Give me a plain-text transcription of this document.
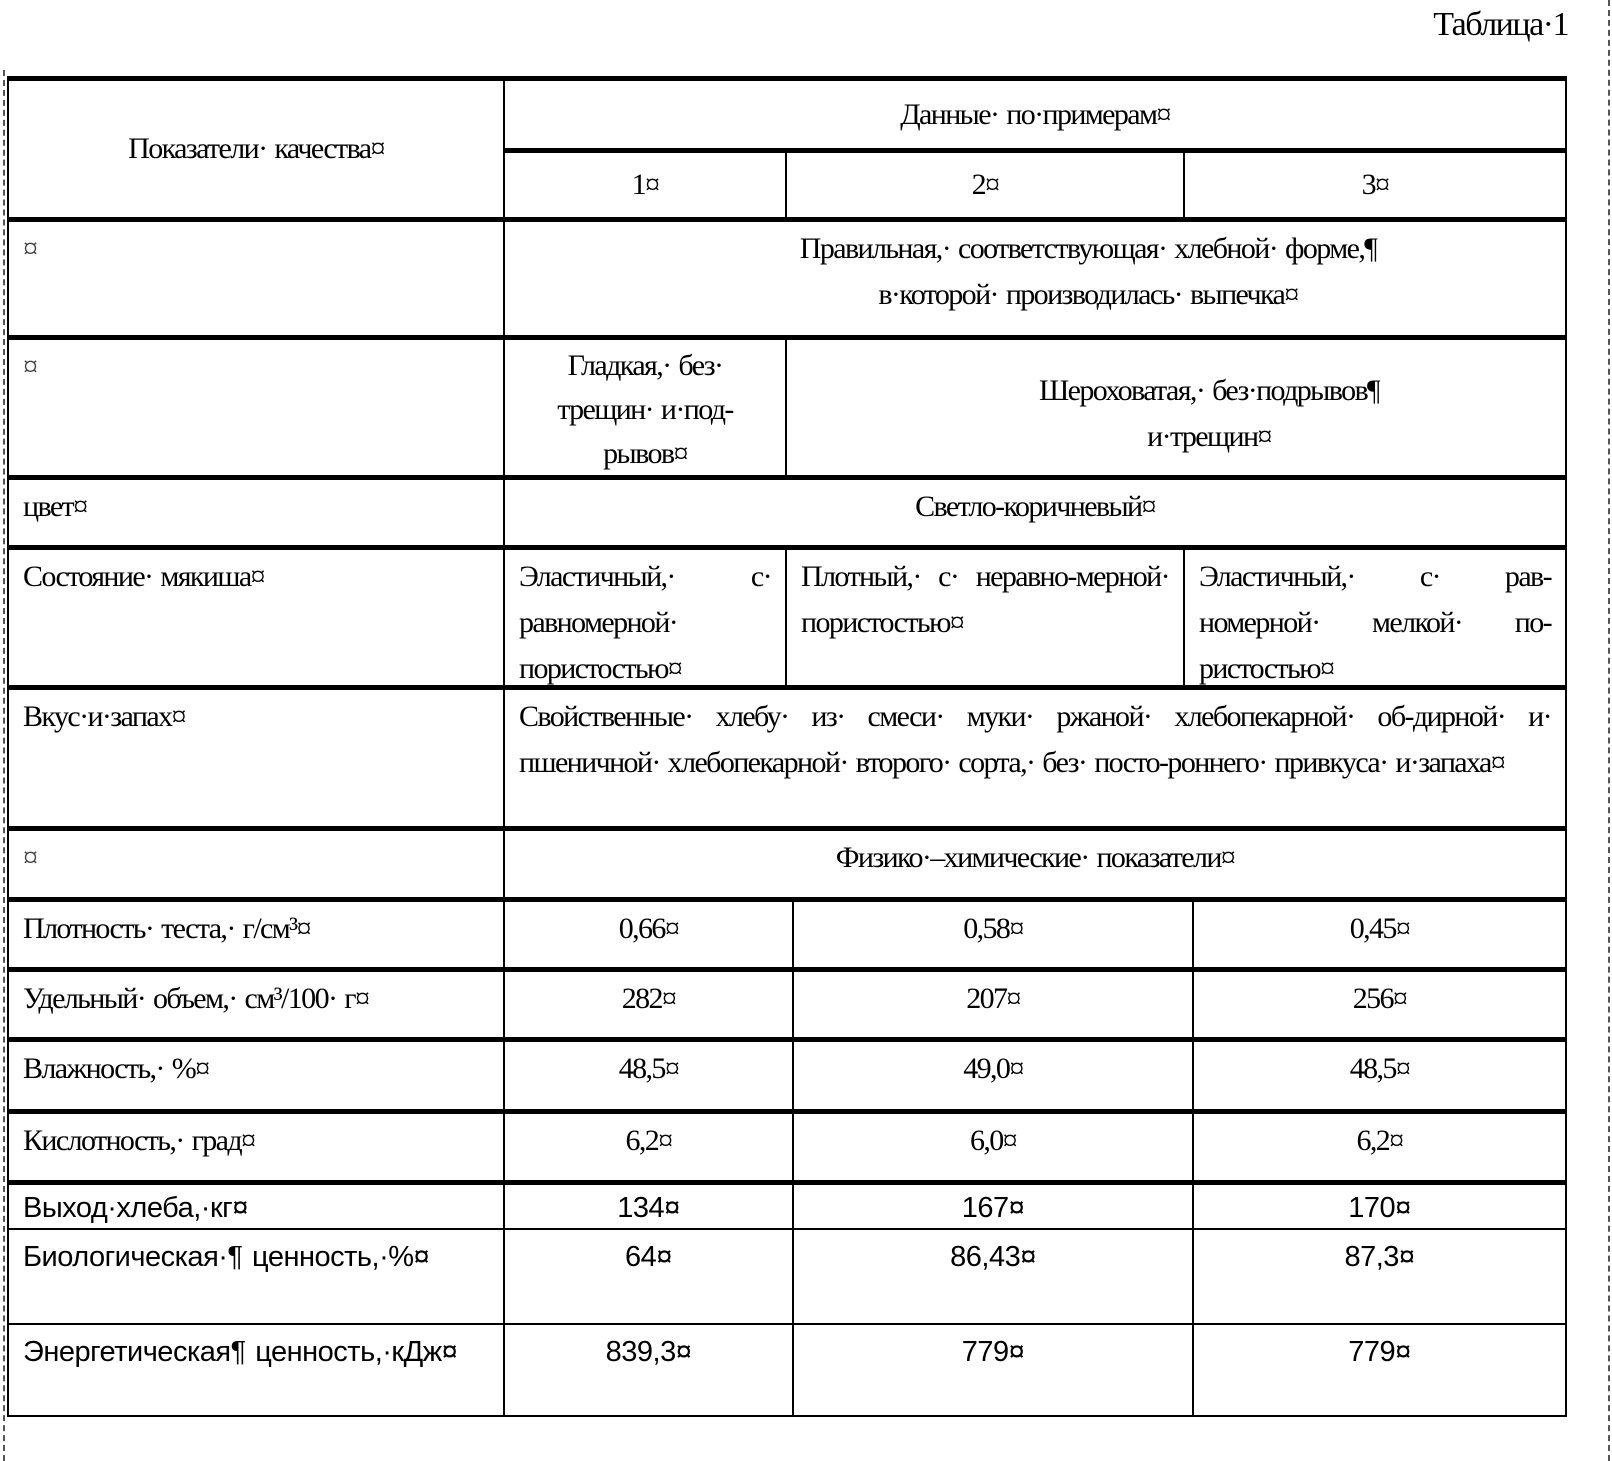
Таблица·1
Показатели· качества¤
Данные· по·примерам¤
1¤	2¤	3¤
¤	Правильная,· соответствующая· хлебной· форме,¶
в·которой· производилась· выпечка¤
¤	Гладкая,· без· трещин· и·под-рывов¤
Шероховатая,· без·подрывов¶
и·трещин¤
цвет¤	Светло-коричневый¤
Состояние· мякиша¤	Эластичный,· с· равномерной· пористостью¤
Плотный,· с· неравно-мерной· пористостью¤
Эластичный,· с· рав-номерной· мелкой· по-ристостью¤
Вкус·и·запах¤	Свойственные· хлебу· из· смеси· муки· ржаной· хлебопекарной· об-дирной· и· пшеничной· хлебопекарной· второго· сорта,· без· посто-роннего· привкуса· и·запаха¤
¤	Физико·–химические· показатели¤
Плотность· теста,· г/см³¤	0,66¤	0,58¤	0,45¤
Удельный· объем,· см³/100· г¤	282¤	207¤	256¤
Влажность,· %¤	48,5¤	49,0¤	48,5¤
Кислотность,· град¤	6,2¤	6,0¤	6,2¤
Выход·хлеба,·кг¤	134¤	167¤	170¤
Биологическая·¶ ценность,·%¤	64¤	86,43¤	87,3¤
Энергетическая¶ ценность,·кДж¤	839,3¤	779¤	779¤
